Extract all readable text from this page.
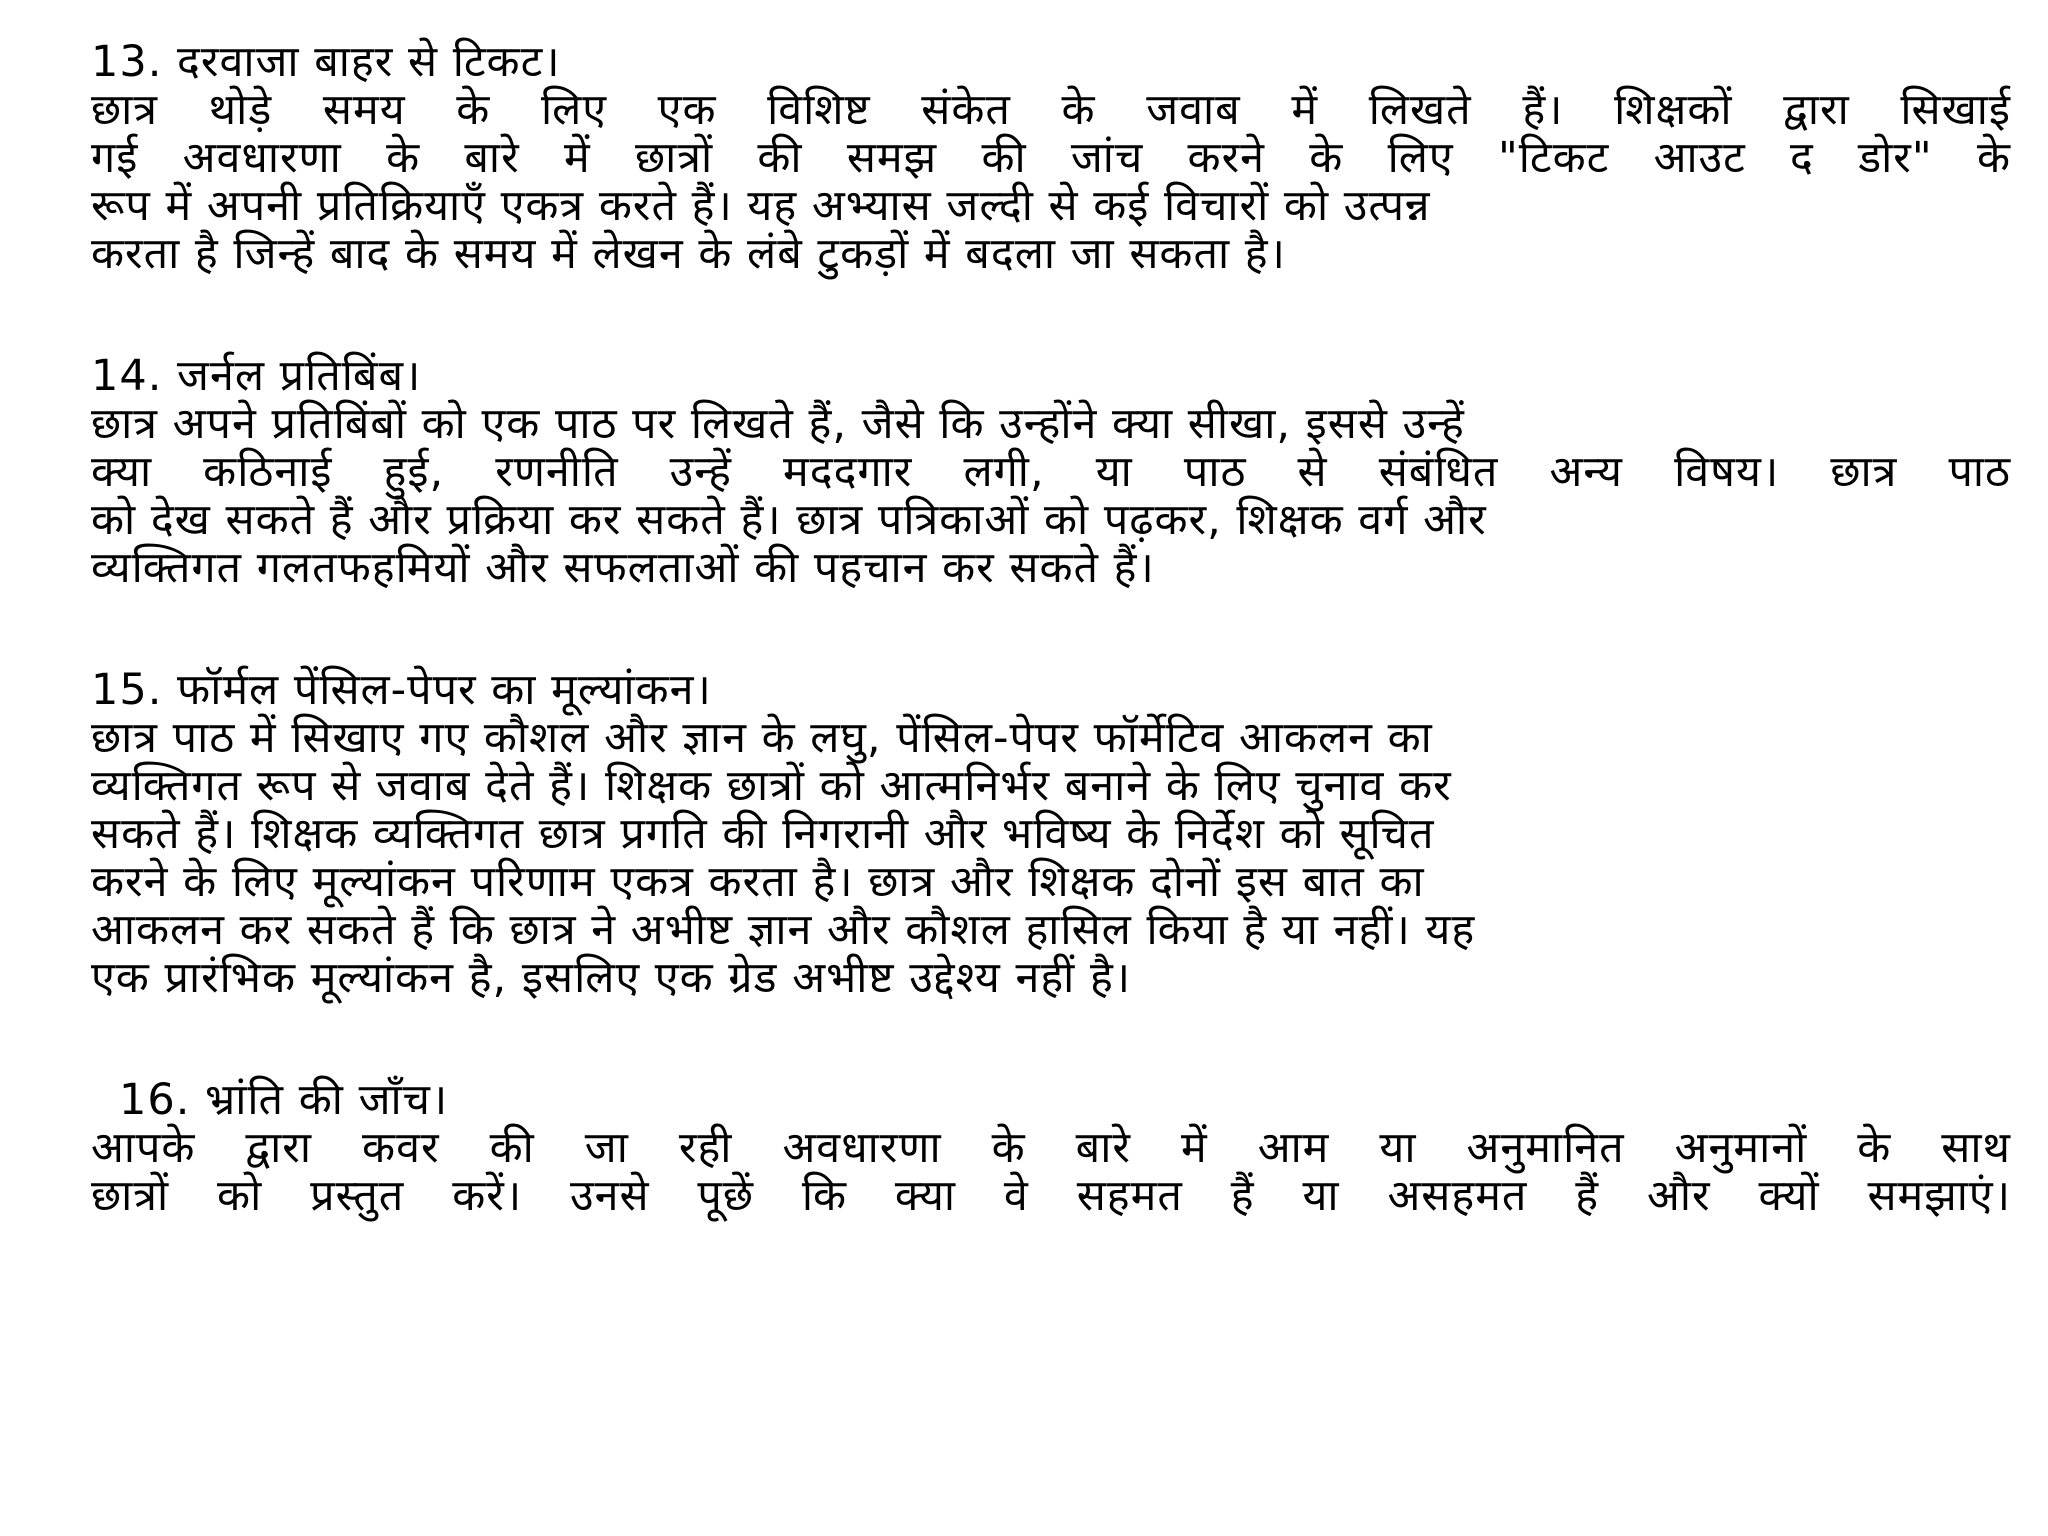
13. दरवाजा बाहर से टिकट।
छात्र थोड़े समय के लिए एक विशिष्ट संकेत के जवाब में लिखते हैं। शिक्षकों द्वारा सिखाई
गई अवधारणा के बारे में छात्रों की समझ की जांच करने के लिए "टिकट आउट द डोर" के
रूप में अपनी प्रतिक्रियाएँ एकत्र करते हैं। यह अभ्यास जल्दी से कई विचारों को उत्पन्न
करता है जिन्हें बाद के समय में लेखन के लंबे टुकड़ों में बदला जा सकता है।
14. जर्नल प्रतिबिंब।
छात्र अपने प्रतिबिंबों को एक पाठ पर लिखते हैं, जैसे कि उन्होंने क्या सीखा, इससे उन्हें
क्या कठिनाई हुई, रणनीति उन्हें मददगार लगी, या पाठ से संबंधित अन्य विषय। छात्र पाठ
को देख सकते हैं और प्रक्रिया कर सकते हैं। छात्र पत्रिकाओं को पढ़कर, शिक्षक वर्ग और
व्यक्तिगत गलतफहमियों और सफलताओं की पहचान कर सकते हैं।
15. फॉर्मल पेंसिल-पेपर का मूल्यांकन।
छात्र पाठ में सिखाए गए कौशल और ज्ञान के लघु, पेंसिल-पेपर फॉर्मेटिव आकलन का
व्यक्तिगत रूप से जवाब देते हैं। शिक्षक छात्रों को आत्मनिर्भर बनाने के लिए चुनाव कर
सकते हैं। शिक्षक व्यक्तिगत छात्र प्रगति की निगरानी और भविष्य के निर्देश को सूचित
करने के लिए मूल्यांकन परिणाम एकत्र करता है। छात्र और शिक्षक दोनों इस बात का
आकलन कर सकते हैं कि छात्र ने अभीष्ट ज्ञान और कौशल हासिल किया है या नहीं। यह
एक प्रारंभिक मूल्यांकन है, इसलिए एक ग्रेड अभीष्ट उद्देश्य नहीं है।
16. भ्रांति की जाँच।
आपके द्वारा कवर की जा रही अवधारणा के बारे में आम या अनुमानित अनुमानों के साथ
छात्रों को प्रस्तुत करें। उनसे पूछें कि क्या वे सहमत हैं या असहमत हैं और क्यों समझाएं।
